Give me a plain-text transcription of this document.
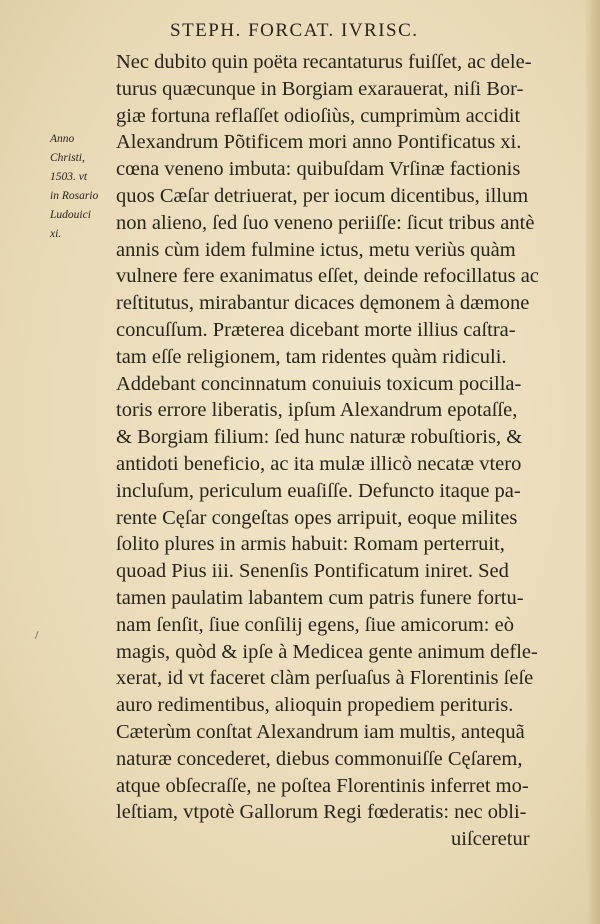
STEPH. FORCAT. IVRISC.
Anno
Christi,
1503. vt
in Rosario
Ludouici
xi.
Nec dubito quin poëta recantaturus fuiſſet, ac dele-
turus quæcunque in Borgiam exarauerat, niſi Bor-
giæ fortuna reflaſſet odioſiùs, cumprimùm accidit
Alexandrum Põtificem mori anno Pontificatus xi.
cœna veneno imbuta: quibuſdam Vrſinæ factionis
quos Cæſar detriuerat, per iocum dicentibus, illum
non alieno, ſed ſuo veneno periiſſe: ſicut tribus antè
annis cùm idem fulmine ictus, metu veriùs quàm
vulnere fere exanimatus eſſet, deinde refocillatus ac
reſtitutus, mirabantur dicaces dęmonem à dæmone
concuſſum. Præterea dicebant morte illius caſtra-
tam eſſe religionem, tam ridentes quàm ridiculi.
Addebant concinnatum conuiuis toxicum pocilla-
toris errore liberatis, ipſum Alexandrum epotaſſe,
& Borgiam filium: ſed hunc naturæ robuſtioris, &
antidoti beneficio, ac ita mulæ illicò necatæ vtero
incluſum, periculum euaſiſſe. Defuncto itaque pa-
rente Cęſar congeſtas opes arripuit, eoque milites
ſolito plures in armis habuit: Romam perterruit,
quoad Pius iii. Senenſis Pontificatum iniret. Sed
tamen paulatim labantem cum patris funere fortu-
nam ſenſit, ſiue conſilij egens, ſiue amicorum: eò
magis, quòd & ipſe à Medicea gente animum defle-
xerat, id vt faceret clàm perſuaſus à Florentinis ſeſe
auro redimentibus, alioquin propediem perituris.
Cæterùm conſtat Alexandrum iam multis, antequã
naturæ concederet, diebus commonuiſſe Cęſarem,
atque obſecraſſe, ne poſtea Florentinis inferret mo-
leſtiam, vtpotè Gallorum Regi fœderatis: nec obli-
uiſceretur
